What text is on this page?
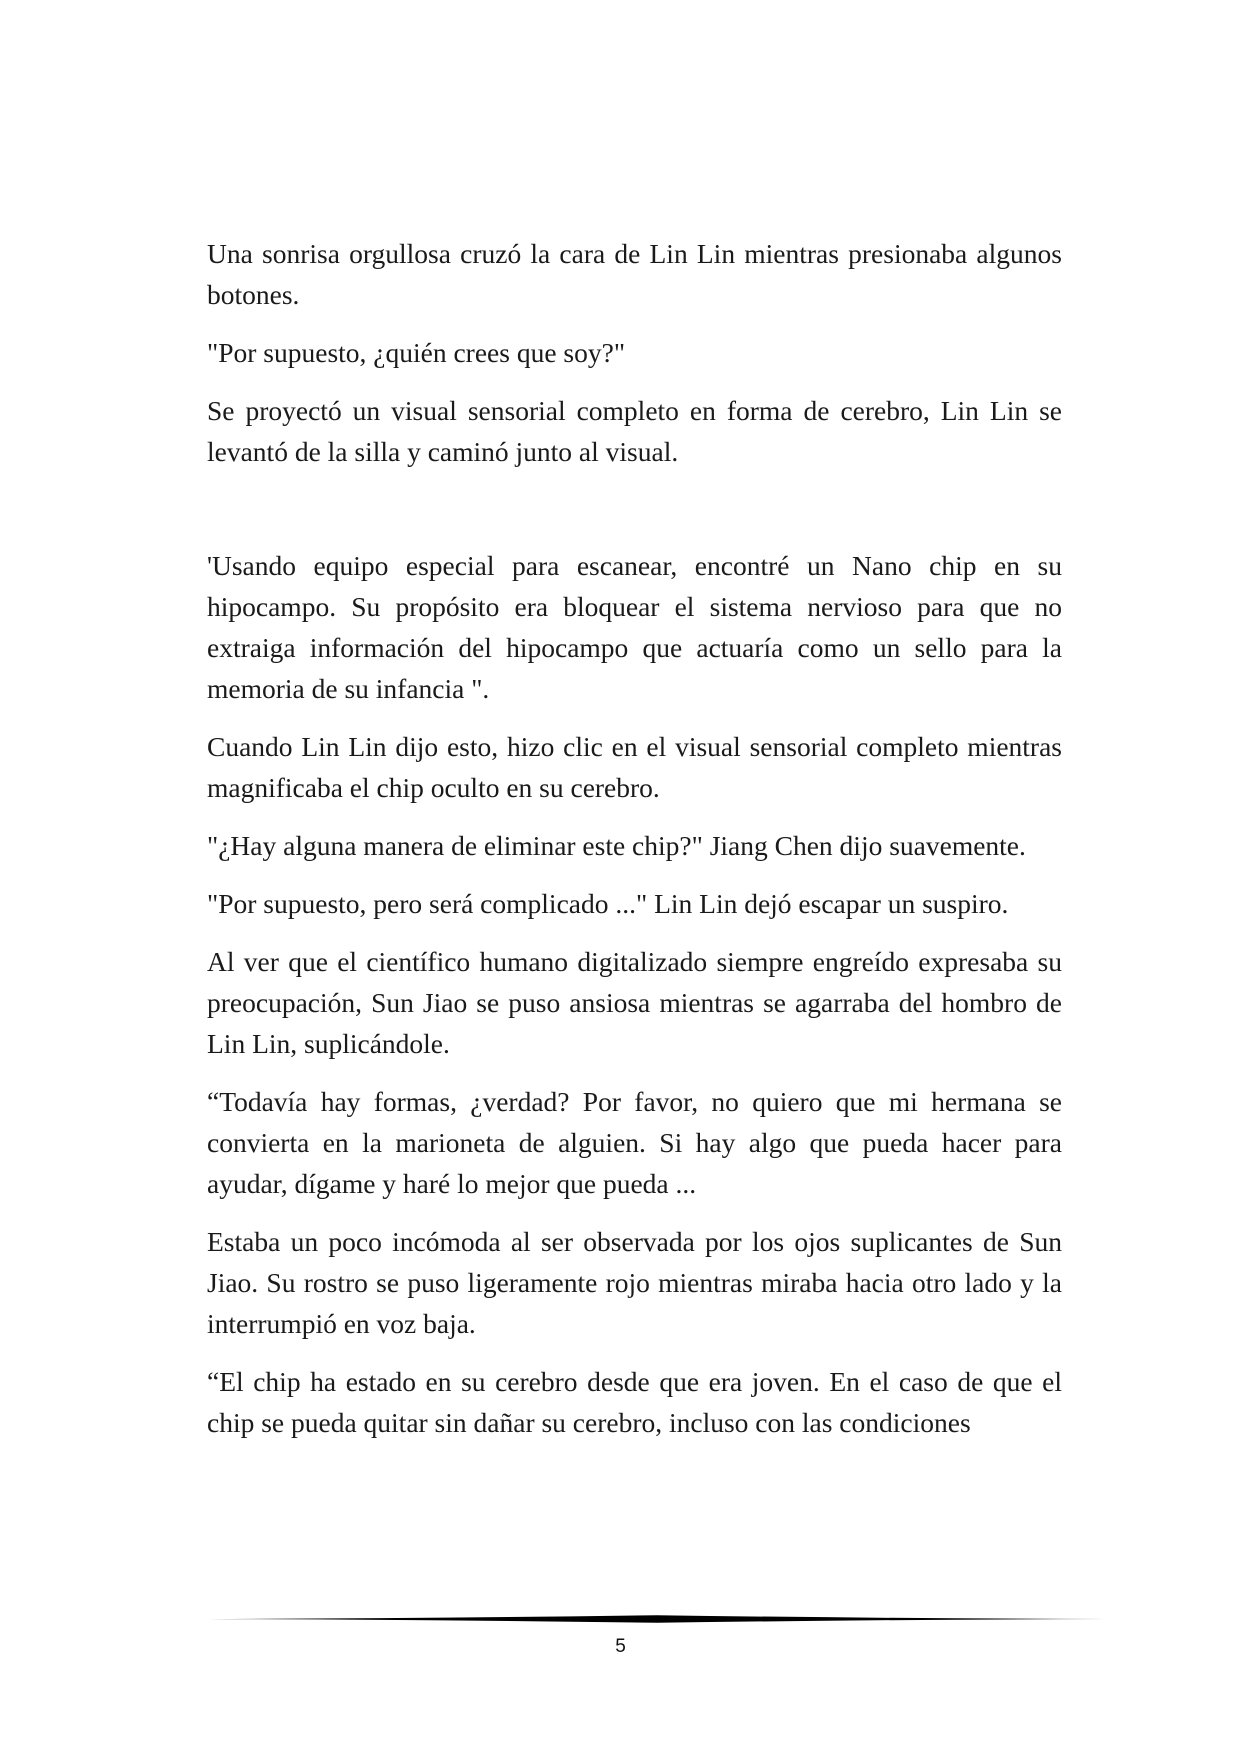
Una sonrisa orgullosa cruzó la cara de Lin Lin mientras presionaba algunos botones.

"Por supuesto, ¿quién crees que soy?"

Se proyectó un visual sensorial completo en forma de cerebro, Lin Lin se levantó de la silla y caminó junto al visual.

'Usando equipo especial para escanear, encontré un Nano chip en su hipocampo. Su propósito era bloquear el sistema nervioso para que no extraiga información del hipocampo que actuaría como un sello para la memoria de su infancia ".

Cuando Lin Lin dijo esto, hizo clic en el visual sensorial completo mientras magnificaba el chip oculto en su cerebro.

"¿Hay alguna manera de eliminar este chip?" Jiang Chen dijo suavemente.

"Por supuesto, pero será complicado ..." Lin Lin dejó escapar un suspiro.

Al ver que el científico humano digitalizado siempre engreído expresaba su preocupación, Sun Jiao se puso ansiosa mientras se agarraba del hombro de Lin Lin, suplicándole.

“Todavía hay formas, ¿verdad? Por favor, no quiero que mi hermana se convierta en la marioneta de alguien. Si hay algo que pueda hacer para ayudar, dígame y haré lo mejor que pueda ...

Estaba un poco incómoda al ser observada por los ojos suplicantes de Sun Jiao. Su rostro se puso ligeramente rojo mientras miraba hacia otro lado y la interrumpió en voz baja.

“El chip ha estado en su cerebro desde que era joven. En el caso de que el chip se pueda quitar sin dañar su cerebro, incluso con las condiciones

5
